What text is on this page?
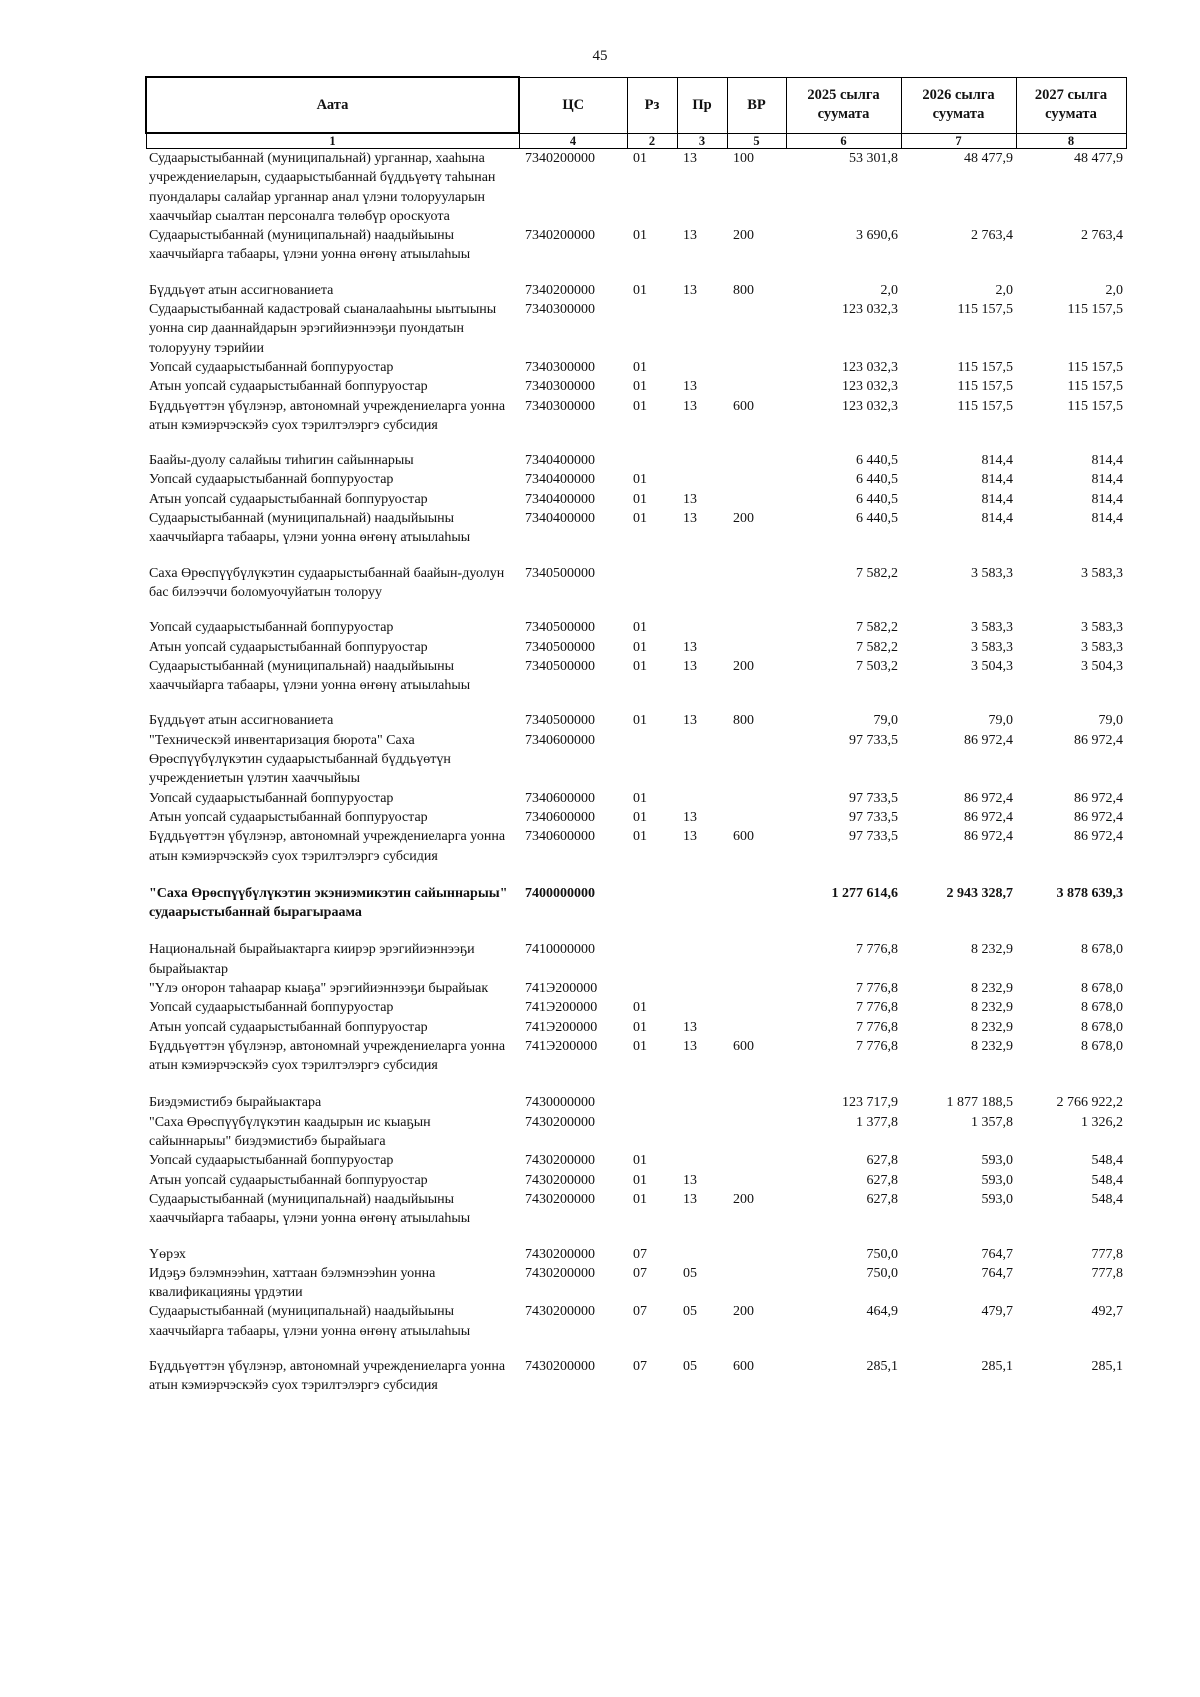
45
Аата	ЦС	Рз	Пр	ВР	2025 сылга суумата	2026 сылга суумата	2027 сылга суумата
1	4	2	3	5	6	7	8
Судаарыстыбаннай (муниципальнай) урганнар, хааһына учреждениеларын, судаарыстыбаннай бүддьүөтү таһынан пуондалары салайар урганнар анал үлэни толорууларын хааччыйар сыалтан персоналга төлөбүр ороскуота	7340200000	01	13	100	53 301,8	48 477,9	48 477,9
Судаарыстыбаннай (муниципальнай) наадыйыыны хааччыйарга табаары, үлэни уонна өҥөнү атыылаһыы	7340200000	01	13	200	3 690,6	2 763,4	2 763,4
Бүддьүөт атын ассигнованиета	7340200000	01	13	800	2,0	2,0	2,0
Судаарыстыбаннай кадастровай сыаналааһыны ыытыыны уонна сир дааннайдарын эрэгийиэннээҕи пуондатын толорууну тэрийии	7340300000				123 032,3	115 157,5	115 157,5
Уопсай судаарыстыбаннай боппуруостар	7340300000	01			123 032,3	115 157,5	115 157,5
Атын уопсай судаарыстыбаннай боппуруостар	7340300000	01	13		123 032,3	115 157,5	115 157,5
Бүддьүөттэн үбүлэнэр, автономнай учреждениеларга уонна атын кэмиэрчэскэйэ суох тэрилтэлэргэ субсидия	7340300000	01	13	600	123 032,3	115 157,5	115 157,5
Баайы-дуолу салайыы тиһигин сайыннарыы	7340400000				6 440,5	814,4	814,4
Уопсай судаарыстыбаннай боппуруостар	7340400000	01			6 440,5	814,4	814,4
Атын уопсай судаарыстыбаннай боппуруостар	7340400000	01	13		6 440,5	814,4	814,4
Судаарыстыбаннай (муниципальнай) наадыйыыны хааччыйарга табаары, үлэни уонна өҥөнү атыылаһыы	7340400000	01	13	200	6 440,5	814,4	814,4
Саха Өрөспүүбүлүкэтин судаарыстыбаннай баайын-дуолун бас билээччи боломуочуйатын толоруу	7340500000				7 582,2	3 583,3	3 583,3
Уопсай судаарыстыбаннай боппуруостар	7340500000	01			7 582,2	3 583,3	3 583,3
Атын уопсай судаарыстыбаннай боппуруостар	7340500000	01	13		7 582,2	3 583,3	3 583,3
Судаарыстыбаннай (муниципальнай) наадыйыыны хааччыйарга табаары, үлэни уонна өҥөнү атыылаһыы	7340500000	01	13	200	7 503,2	3 504,3	3 504,3
Бүддьүөт атын ассигнованиета	7340500000	01	13	800	79,0	79,0	79,0
"Техническэй инвентаризация бюрота" Саха Өрөспүүбүлүкэтин судаарыстыбаннай бүддьүөтүн учреждениетын үлэтин хааччыйыы	7340600000				97 733,5	86 972,4	86 972,4
Уопсай судаарыстыбаннай боппуруостар	7340600000	01			97 733,5	86 972,4	86 972,4
Атын уопсай судаарыстыбаннай боппуруостар	7340600000	01	13		97 733,5	86 972,4	86 972,4
Бүддьүөттэн үбүлэнэр, автономнай учреждениеларга уонна атын кэмиэрчэскэйэ суох тэрилтэлэргэ субсидия	7340600000	01	13	600	97 733,5	86 972,4	86 972,4
"Саха Өрөспүүбүлүкэтин экэниэмикэтин сайыннарыы" судаарыстыбаннай бырагыраама	7400000000				1 277 614,6	2 943 328,7	3 878 639,3
Национальнай бырайыактарга киирэр эрэгийиэннээҕи бырайыактар	7410000000				7 776,8	8 232,9	8 678,0
"Үлэ оҥорон таһаарар кыаҕа" эрэгийиэннээҕи бырайыак	741Э200000				7 776,8	8 232,9	8 678,0
Уопсай судаарыстыбаннай боппуруостар	741Э200000	01			7 776,8	8 232,9	8 678,0
Атын уопсай судаарыстыбаннай боппуруостар	741Э200000	01	13		7 776,8	8 232,9	8 678,0
Бүддьүөттэн үбүлэнэр, автономнай учреждениеларга уонна атын кэмиэрчэскэйэ суох тэрилтэлэргэ субсидия	741Э200000	01	13	600	7 776,8	8 232,9	8 678,0
Биэдэмистибэ бырайыактара	7430000000				123 717,9	1 877 188,5	2 766 922,2
"Саха Өрөспүүбүлүкэтин каадырын ис кыаҕын сайыннарыы" биэдэмистибэ бырайыага	7430200000				1 377,8	1 357,8	1 326,2
Уопсай судаарыстыбаннай боппуруостар	7430200000	01			627,8	593,0	548,4
Атын уопсай судаарыстыбаннай боппуруостар	7430200000	01	13		627,8	593,0	548,4
Судаарыстыбаннай (муниципальнай) наадыйыыны хааччыйарга табаары, үлэни уонна өҥөнү атыылаһыы	7430200000	01	13	200	627,8	593,0	548,4
Үөрэх	7430200000	07			750,0	764,7	777,8
Идэҕэ бэлэмнээһин, хаттаан бэлэмнээһин уонна квалификацияны үрдэтии	7430200000	07	05		750,0	764,7	777,8
Судаарыстыбаннай (муниципальнай) наадыйыыны хааччыйарга табаары, үлэни уонна өҥөнү атыылаһыы	7430200000	07	05	200	464,9	479,7	492,7
Бүддьүөттэн үбүлэнэр, автономнай учреждениеларга уонна атын кэмиэрчэскэйэ суох тэрилтэлэргэ субсидия	7430200000	07	05	600	285,1	285,1	285,1
